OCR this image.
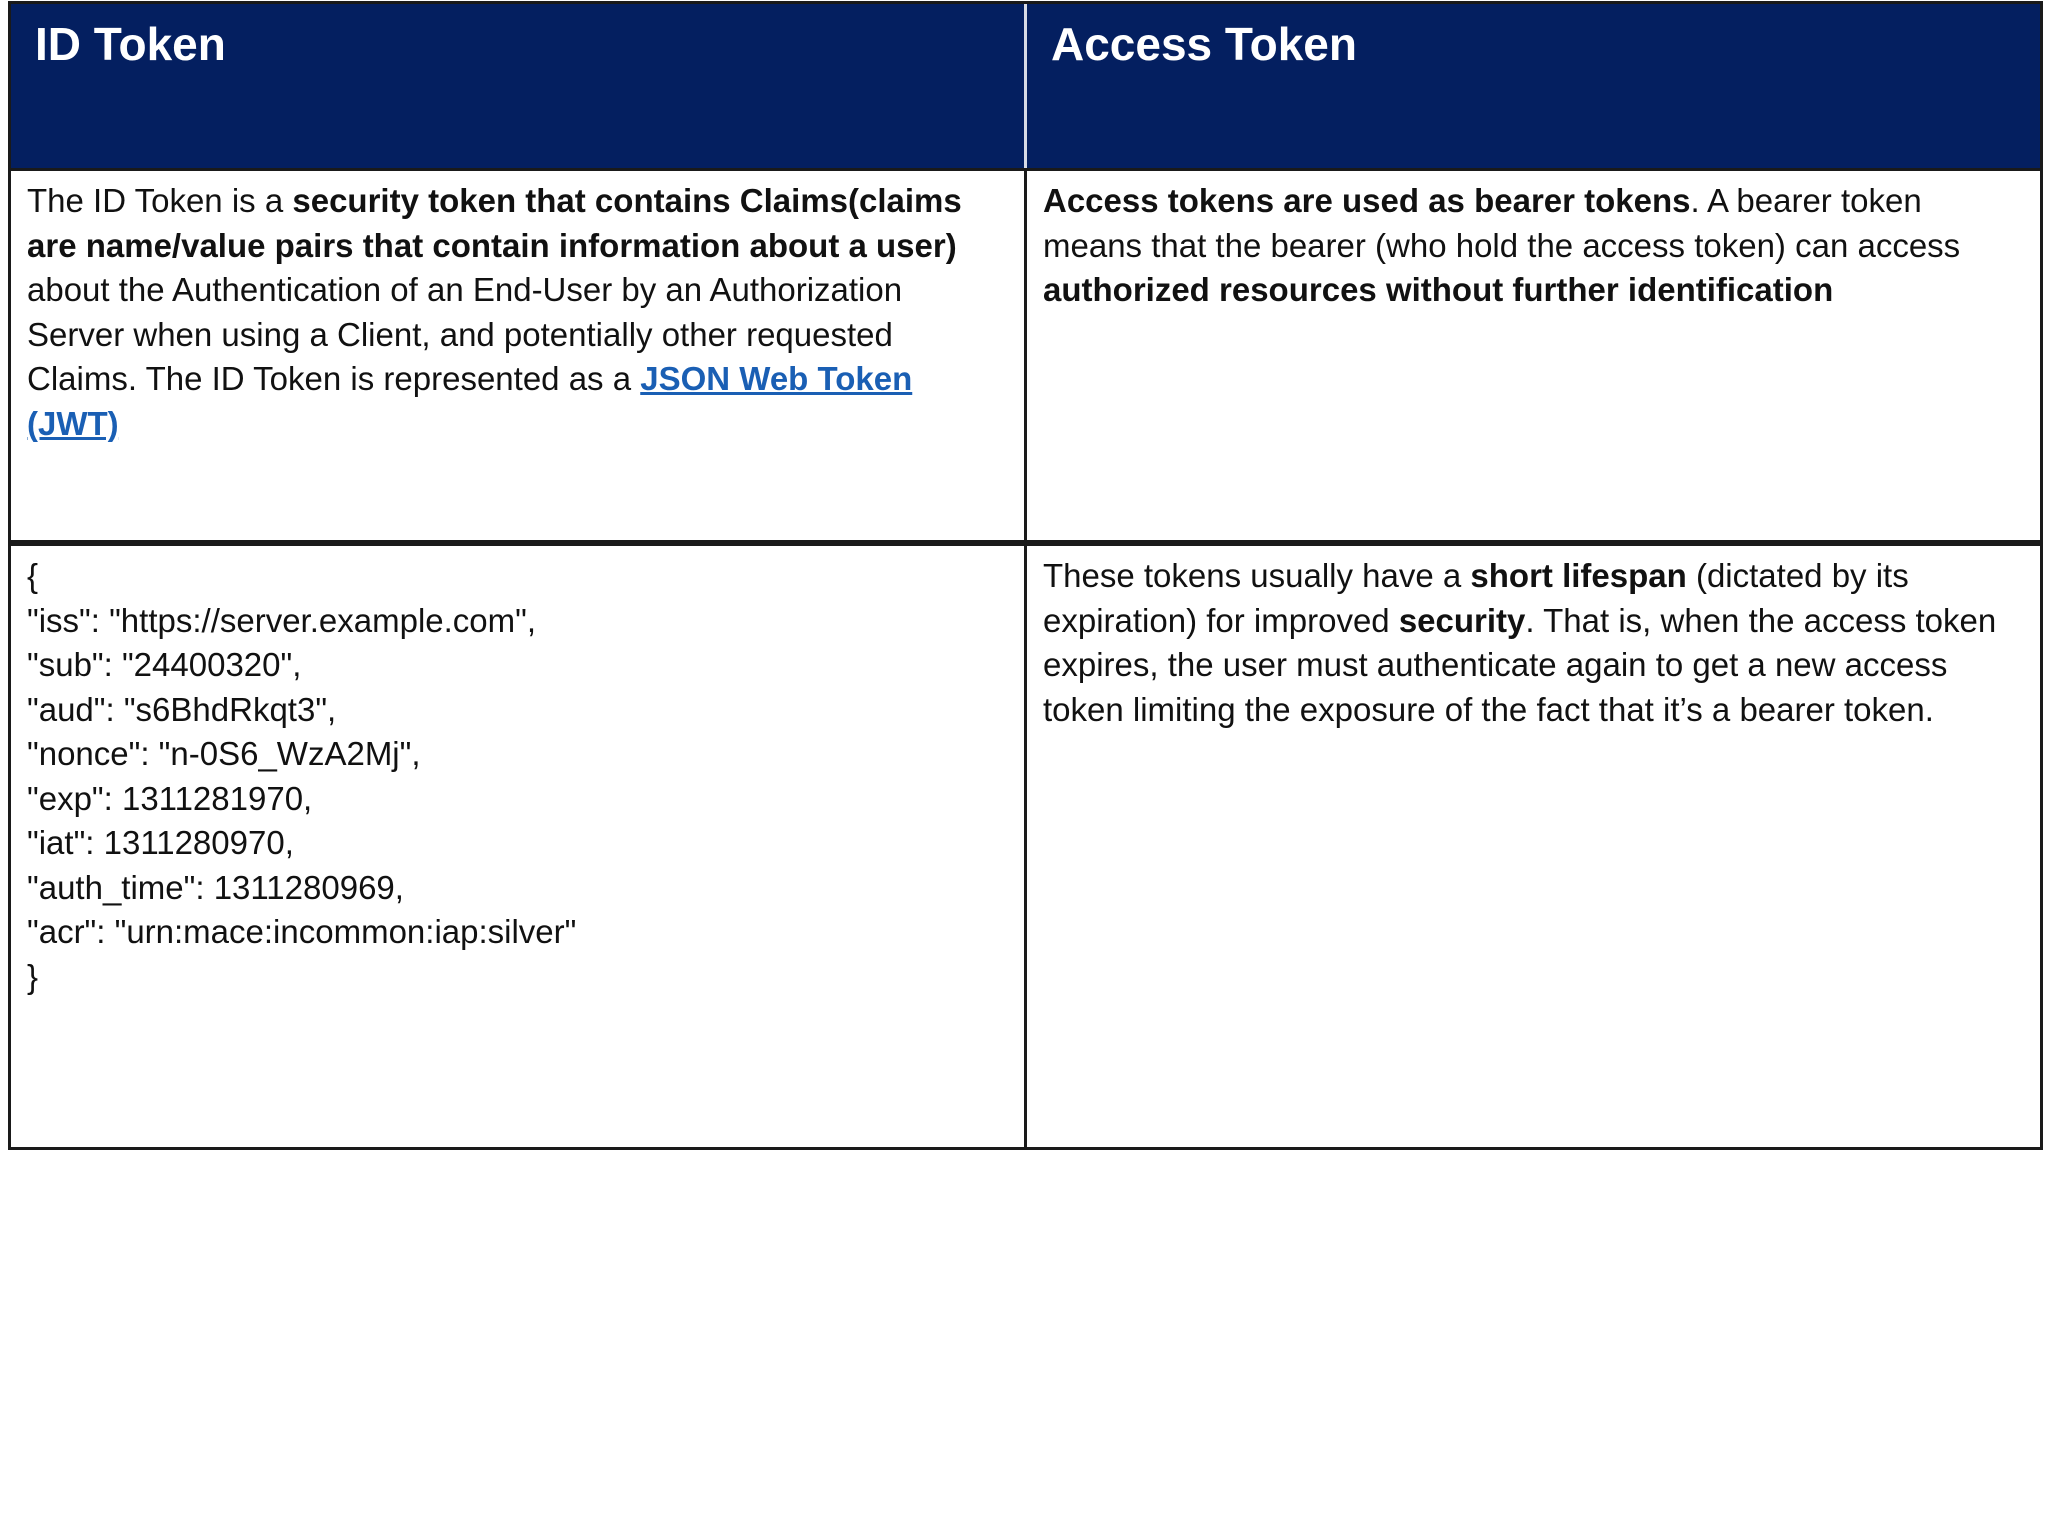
ID Token	Access Token
The ID Token is a security token that contains Claims(claims are name/value pairs that contain information about a user) about the Authentication of an End-User by an Authorization Server when using a Client, and potentially other requested Claims. The ID Token is represented as a JSON Web Token (JWT)
Access tokens are used as bearer tokens. A bearer token means that the bearer (who hold the access token) can access authorized resources without further identification
{
"iss": "https://server.example.com",
"sub": "24400320",
"aud": "s6BhdRkqt3",
"nonce": "n-0S6_WzA2Mj",
"exp": 1311281970,
"iat": 1311280970,
"auth_time": 1311280969,
"acr": "urn:mace:incommon:iap:silver"
}
These tokens usually have a short lifespan (dictated by its expiration) for improved security. That is, when the access token expires, the user must authenticate again to get a new access token limiting the exposure of the fact that it’s a bearer token.
